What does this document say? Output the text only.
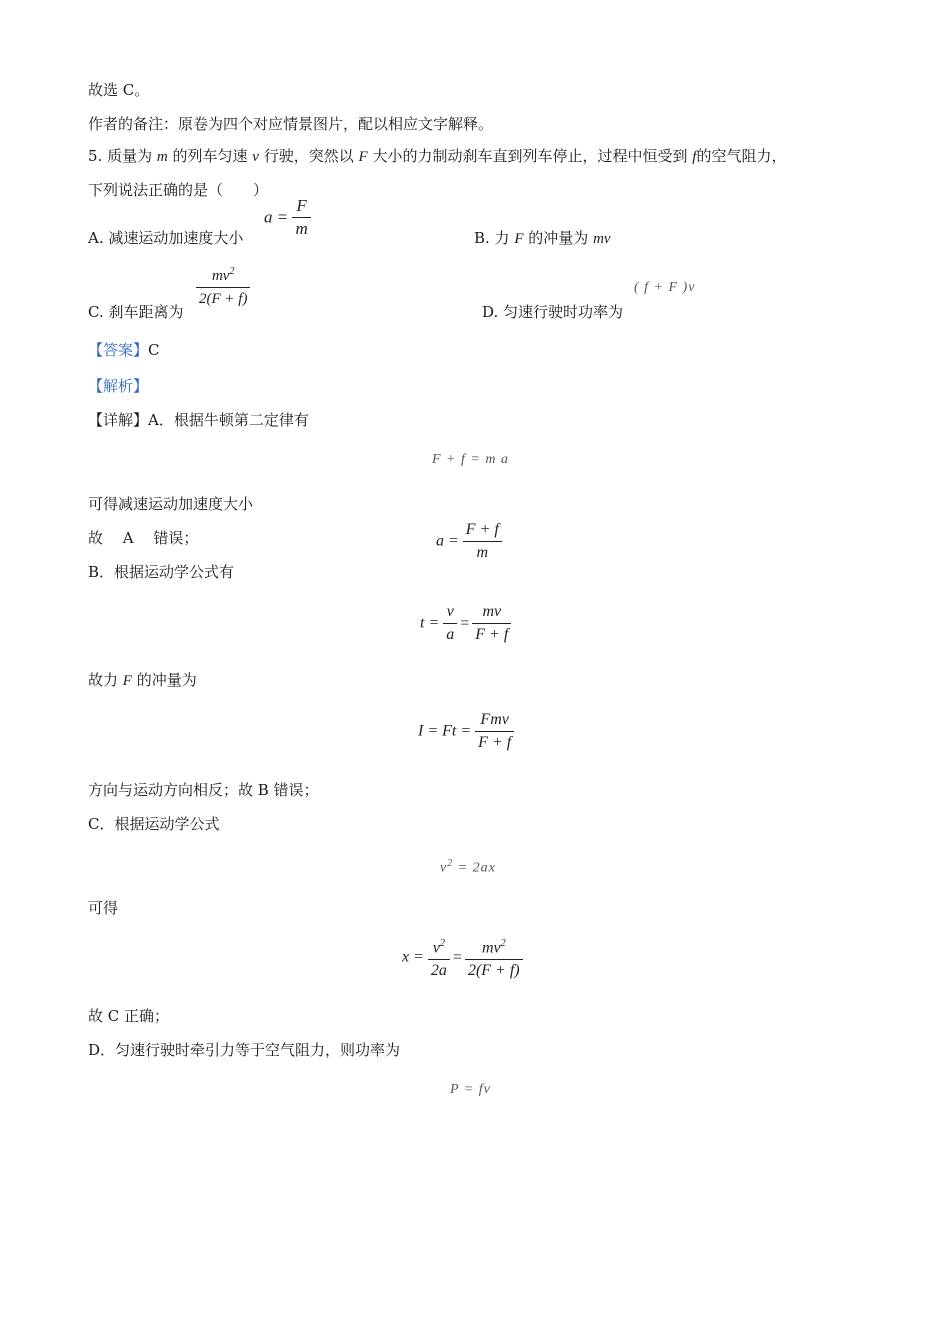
故选 C。
作者的备注：原卷为四个对应情景图片，配以相应文字解释。
5. 质量为 m 的列车匀速 v 行驶，突然以 F 大小的力制动刹车直到列车停止，过程中恒受到 f的空气阻力，
下列说法正确的是（　　）
A. 减速运动加速度大小
$a = \frac{F}{m}$	B. 力 F 的冲量为 mv
C. 刹车距离为
$\frac{mv^2}{2(F + f)}$
D. 匀速行驶时功率为
( f + F )v
【答案】C
【解析】
【详解】A．根据牛顿第二定律有
F + f = m a
可得减速运动加速度大小
故　 A　 错误；	$a = \frac{F + f}{m}$
B．根据运动学公式有
$t = \frac{v}{a} = \frac{mv}{F + f}$
故力 F 的冲量为
$I = Ft = \frac{\text{Fmv}}{F + f}$
方向与运动方向相反；故 B 错误；
C．根据运动学公式
$v^2 = 2ax$
可得
$x = \frac{v^2}{2a} = \frac{mv^2}{2(F + f)}$
故 C 正确；
D．匀速行驶时牵引力等于空气阻力，则功率为
P = fv
